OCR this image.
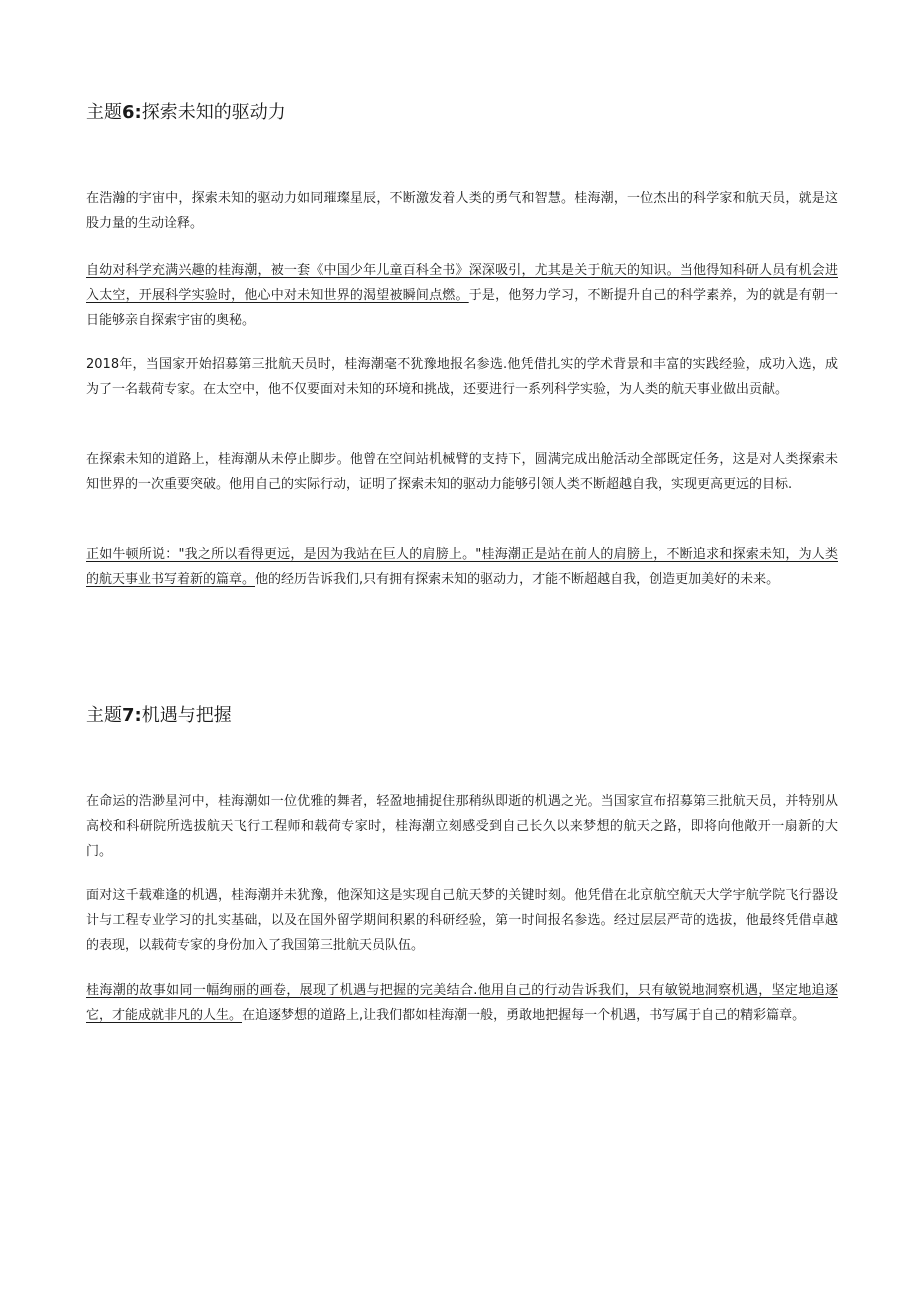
主题6:探索未知的驱动力

在浩瀚的宇宙中，探索未知的驱动力如同璀璨星辰，不断激发着人类的勇气和智慧。桂海潮，一位杰出的科学家和航天员，就是这股力量的生动诠释。

自幼对科学充满兴趣的桂海潮，被一套《中国少年儿童百科全书》深深吸引，尤其是关于航天的知识。当他得知科研人员有机会进入太空，开展科学实验时，他心中对未知世界的渴望被瞬间点燃。于是，他努力学习，不断提升自己的科学素养，为的就是有朝一日能够亲自探索宇宙的奥秘。

2018年，当国家开始招募第三批航天员时，桂海潮毫不犹豫地报名参选.他凭借扎实的学术背景和丰富的实践经验，成功入选，成为了一名载荷专家。在太空中，他不仅要面对未知的环境和挑战，还要进行一系列科学实验，为人类的航天事业做出贡献。

在探索未知的道路上，桂海潮从未停止脚步。他曾在空间站机械臂的支持下，圆满完成出舱活动全部既定任务，这是对人类探索未知世界的一次重要突破。他用自己的实际行动，证明了探索未知的驱动力能够引领人类不断超越自我，实现更高更远的目标.

正如牛顿所说："我之所以看得更远，是因为我站在巨人的肩膀上。"桂海潮正是站在前人的肩膀上，不断追求和探索未知，为人类的航天事业书写着新的篇章。他的经历告诉我们,只有拥有探索未知的驱动力，才能不断超越自我，创造更加美好的未来。

主题7:机遇与把握

在命运的浩渺星河中，桂海潮如一位优雅的舞者，轻盈地捕捉住那稍纵即逝的机遇之光。当国家宣布招募第三批航天员，并特别从高校和科研院所选拔航天飞行工程师和载荷专家时，桂海潮立刻感受到自己长久以来梦想的航天之路，即将向他敞开一扇新的大门。

面对这千载难逢的机遇，桂海潮并未犹豫，他深知这是实现自己航天梦的关键时刻。他凭借在北京航空航天大学宇航学院飞行器设计与工程专业学习的扎实基础，以及在国外留学期间积累的科研经验，第一时间报名参选。经过层层严苛的选拔，他最终凭借卓越的表现，以载荷专家的身份加入了我国第三批航天员队伍。

桂海潮的故事如同一幅绚丽的画卷，展现了机遇与把握的完美结合.他用自己的行动告诉我们，只有敏锐地洞察机遇，坚定地追逐它，才能成就非凡的人生。在追逐梦想的道路上,让我们都如桂海潮一般，勇敢地把握每一个机遇，书写属于自己的精彩篇章。
